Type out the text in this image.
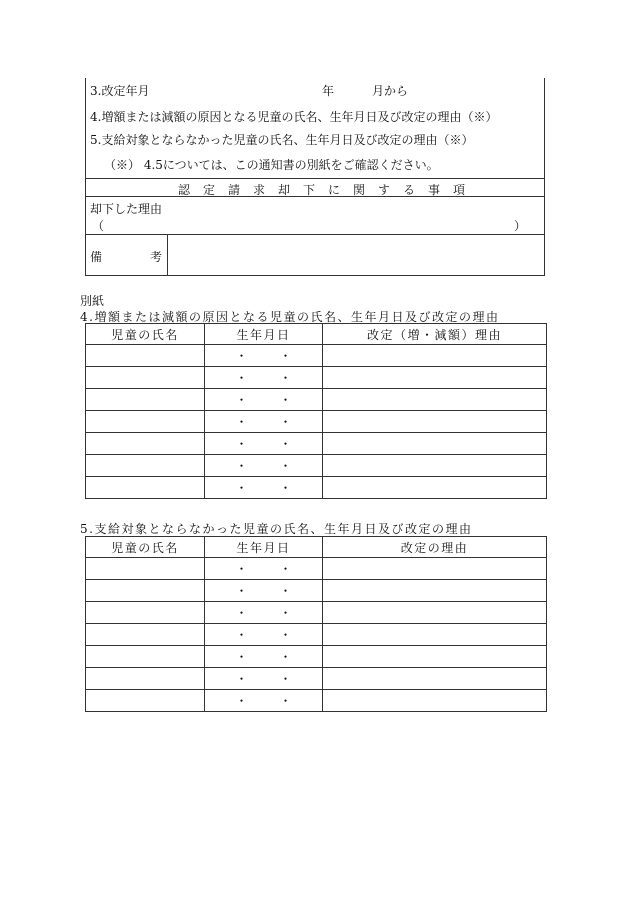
3.改定年月	年	月から
4.増額または減額の原因となる児童の氏名、生年月日及び改定の理由（※）
5.支給対象とならなかった児童の氏名、生年月日及び改定の理由（※）
（※） 4.5については、この通知書の別紙をご確認ください。
認定請求却下に関する事項
却下した理由
（	）
備	考
別紙
4.増額または減額の原因となる児童の氏名、生年月日及び改定の理由
児童の氏名	生年月日	改定（増・減額）理由
	・ ・	
	・ ・	
	・ ・	
	・ ・	
	・ ・	
	・ ・	
	・ ・	
5.支給対象とならなかった児童の氏名、生年月日及び改定の理由
児童の氏名	生年月日	改定の理由
	・ ・	
	・ ・	
	・ ・	
	・ ・	
	・ ・	
	・ ・	
	・ ・	
